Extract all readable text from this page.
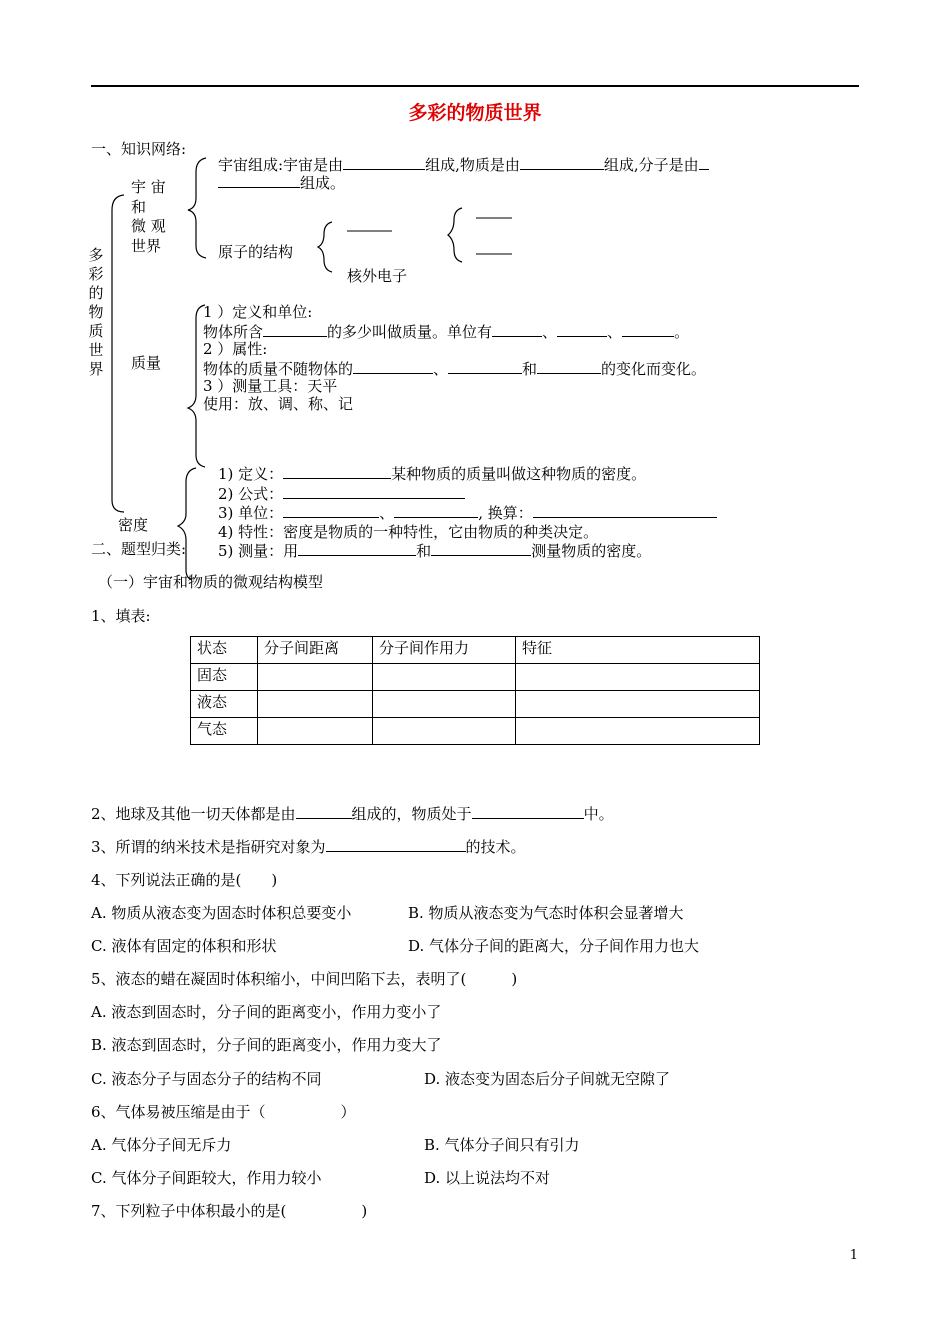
多彩的物质世界
一、知识网络:
多
彩
的
物
质
世
界
宇 宙
和
微 观
世界
宇宙组成:宇宙是由	组成,物质是由	组成,分子是由
组成。
原子的结构
核外电子
质量
1 ）定义和单位:
物体所含	的多少叫做质量。单位有	、	、	。
2 ）属性:
物体的质量不随物体的	、	和	的变化而变化。
3 ）测量工具：天平
使用：放、调、称、记
密度
1) 定义：	某种物质的质量叫做这种物质的密度。
2) 公式：
3) 单位：	、	, 换算：
4) 特性：密度是物质的一种特性，它由物质的种类决定。
5) 测量：用	和	测量物质的密度。
二、题型归类:
（一）宇宙和物质的微观结构模型
1、填表:
状态	分子间距离	分子间作用力	特征
固态			
液态			
气态			
2、地球及其他一切天体都是由	组成的，物质处于	中。
3、所谓的纳米技术是指研究对象为	的技术。
4、下列说法正确的是(　　)
A. 物质从液态变为固态时体积总要变小	B. 物质从液态变为气态时体积会显著增大
C. 液体有固定的体积和形状	D. 气体分子间的距离大，分子间作用力也大
5、液态的蜡在凝固时体积缩小，中间凹陷下去，表明了(　　　)
A. 液态到固态时，分子间的距离变小，作用力变小了
B. 液态到固态时，分子间的距离变小，作用力变大了
C. 液态分子与固态分子的结构不同	D. 液态变为固态后分子间就无空隙了
6、气体易被压缩是由于（　　　　　）
A. 气体分子间无斥力	B. 气体分子间只有引力
C. 气体分子间距较大，作用力较小	D. 以上说法均不对
7、下列粒子中体积最小的是(　　　　　)
1
